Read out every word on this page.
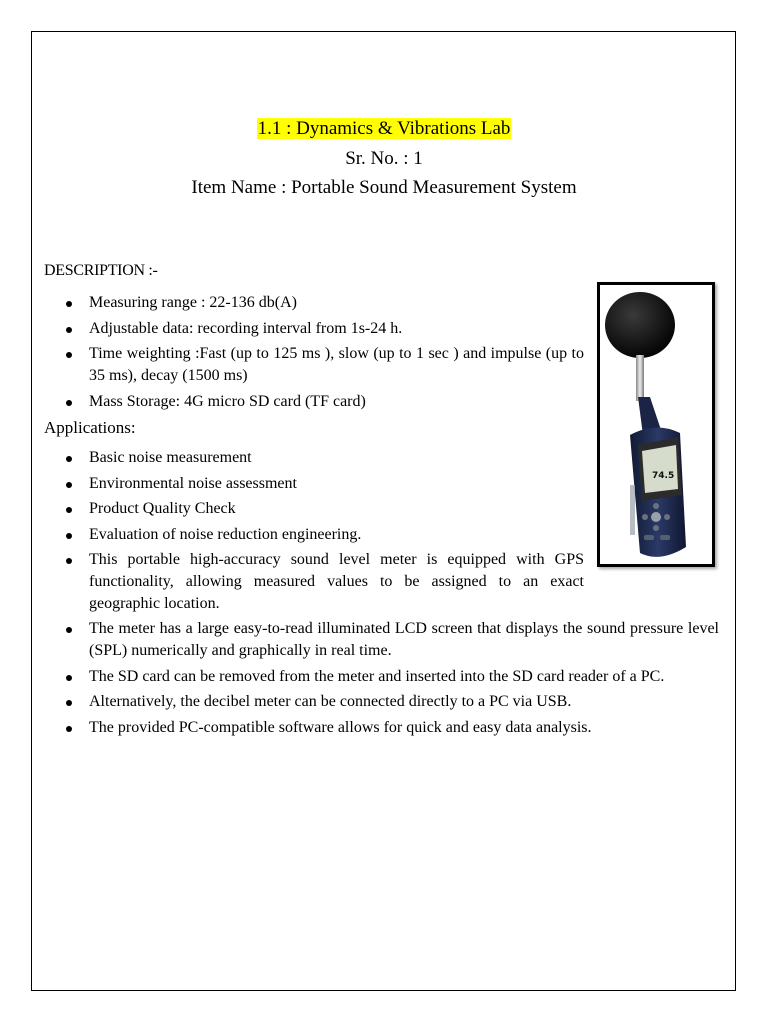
1.1 : Dynamics & Vibrations Lab
Sr. No. : 1
Item Name : Portable Sound Measurement System
DESCRIPTION :-
Measuring range : 22-136 db(A)
Adjustable data: recording interval from 1s-24 h.
Time weighting :Fast (up to 125 ms ), slow (up to 1 sec ) and impulse (up to 35 ms), decay (1500 ms)
Mass Storage: 4G micro SD card (TF card)
Applications:
Basic noise measurement
Environmental noise assessment
Product Quality Check
Evaluation of noise reduction engineering.
This portable high-accuracy sound level meter is equipped with GPS functionality, allowing measured values to be assigned to an exact geographic location.
The meter has a large easy-to-read illuminated LCD screen that displays the sound pressure level (SPL) numerically and graphically in real time.
The SD card can be removed from the meter and inserted into the SD card reader of a PC.
Alternatively, the decibel meter can be connected directly to a PC via USB.
The provided PC-compatible software allows for quick and easy data analysis.
74.5
